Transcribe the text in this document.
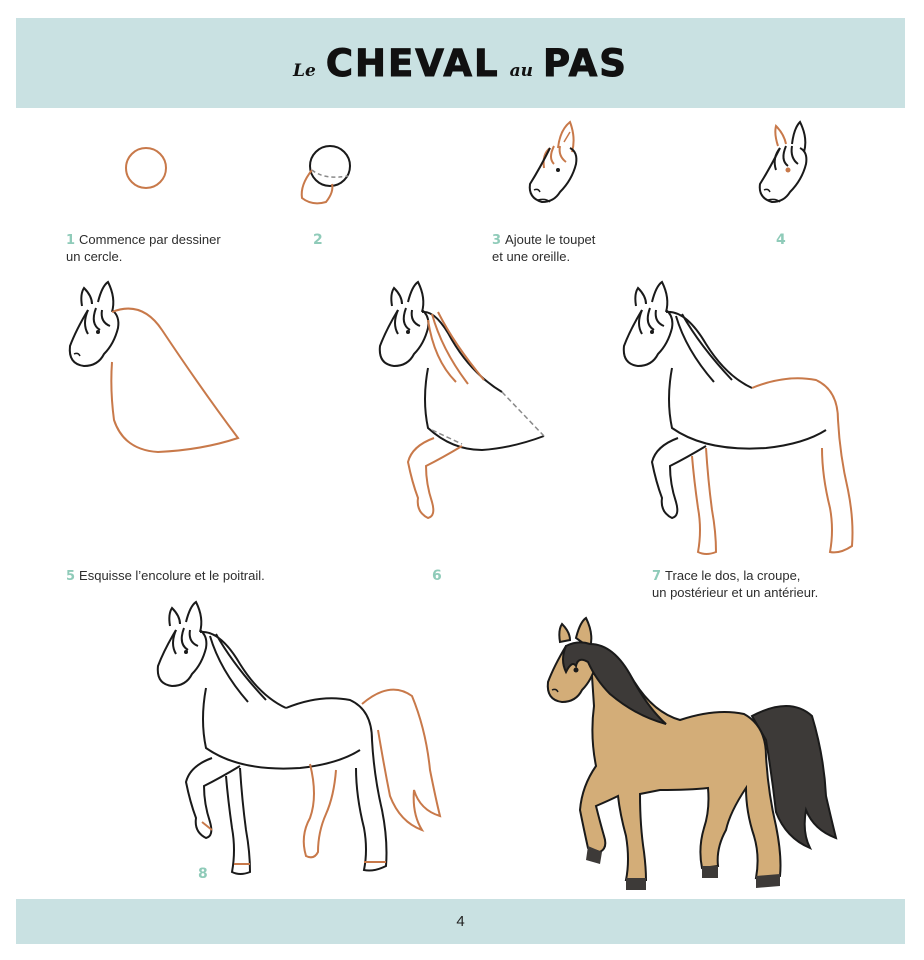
Le CHEVAL au PAS
1 Commence par dessiner
un cercle.
2	3 Ajoute le toupet
et une oreille.
4
5 Esquisse l’encolure et le poitrail.	6	7 Trace le dos, la croupe,
un postérieur et un antérieur.
8
4
